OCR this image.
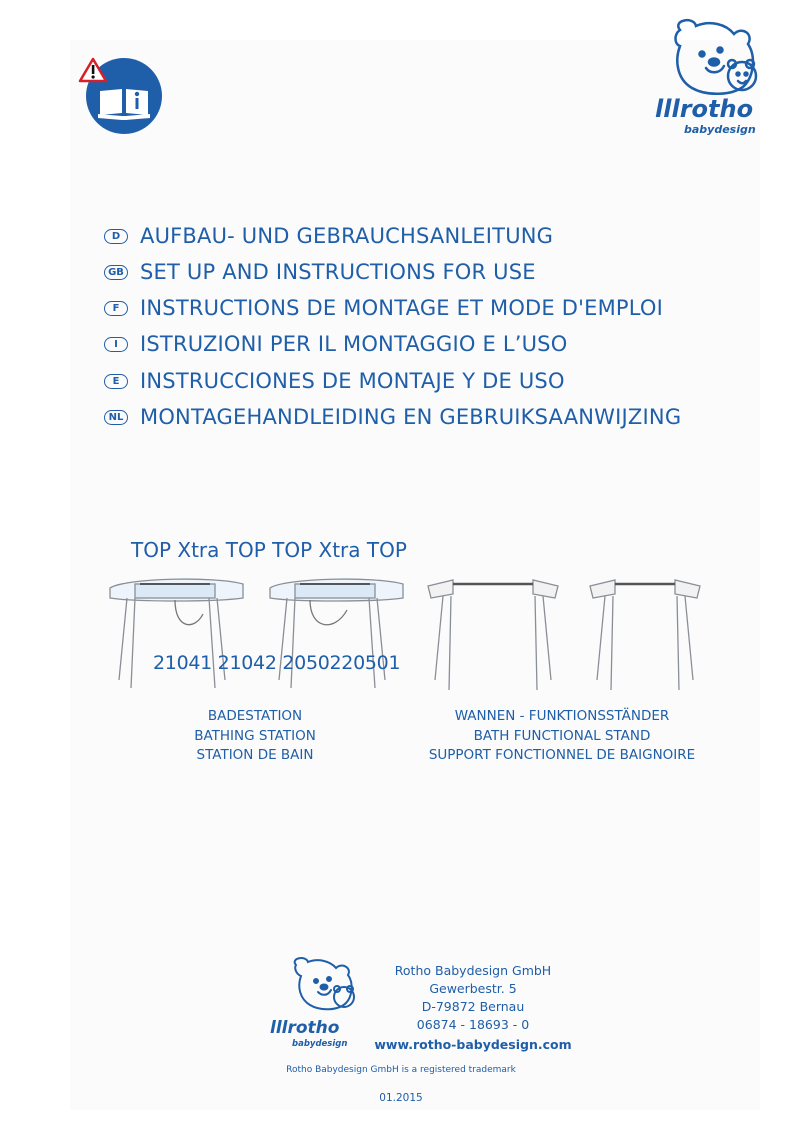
lllrotho
babydesign
D AUFBAU- UND GEBRAUCHSANLEITUNG
GB SET UP AND INSTRUCTIONS FOR USE
F INSTRUCTIONS DE MONTAGE ET MODE D'EMPLOI
I	ISTRUZIONI PER IL MONTAGGIO E L’USO
E INSTRUCCIONES DE MONTAJE Y DE USO
NL MONTAGEHANDLEIDING EN GEBRUIKSAANWIJZING
TOP Xtra TOP TOP Xtra TOP
21041 21042 2050220501
BADESTATION
BATHING STATION
STATION DE BAIN
WANNEN - FUNKTIONSSTÄNDER
BATH FUNCTIONAL STAND
SUPPORT FONCTIONNEL DE BAIGNOIRE
lllrotho
babydesign
Rotho Babydesign GmbH
Gewerbestr. 5
D-79872 Bernau
06874 - 18693 - 0
www.rotho-babydesign.com
Rotho Babydesign GmbH is a registered trademark
01.2015
